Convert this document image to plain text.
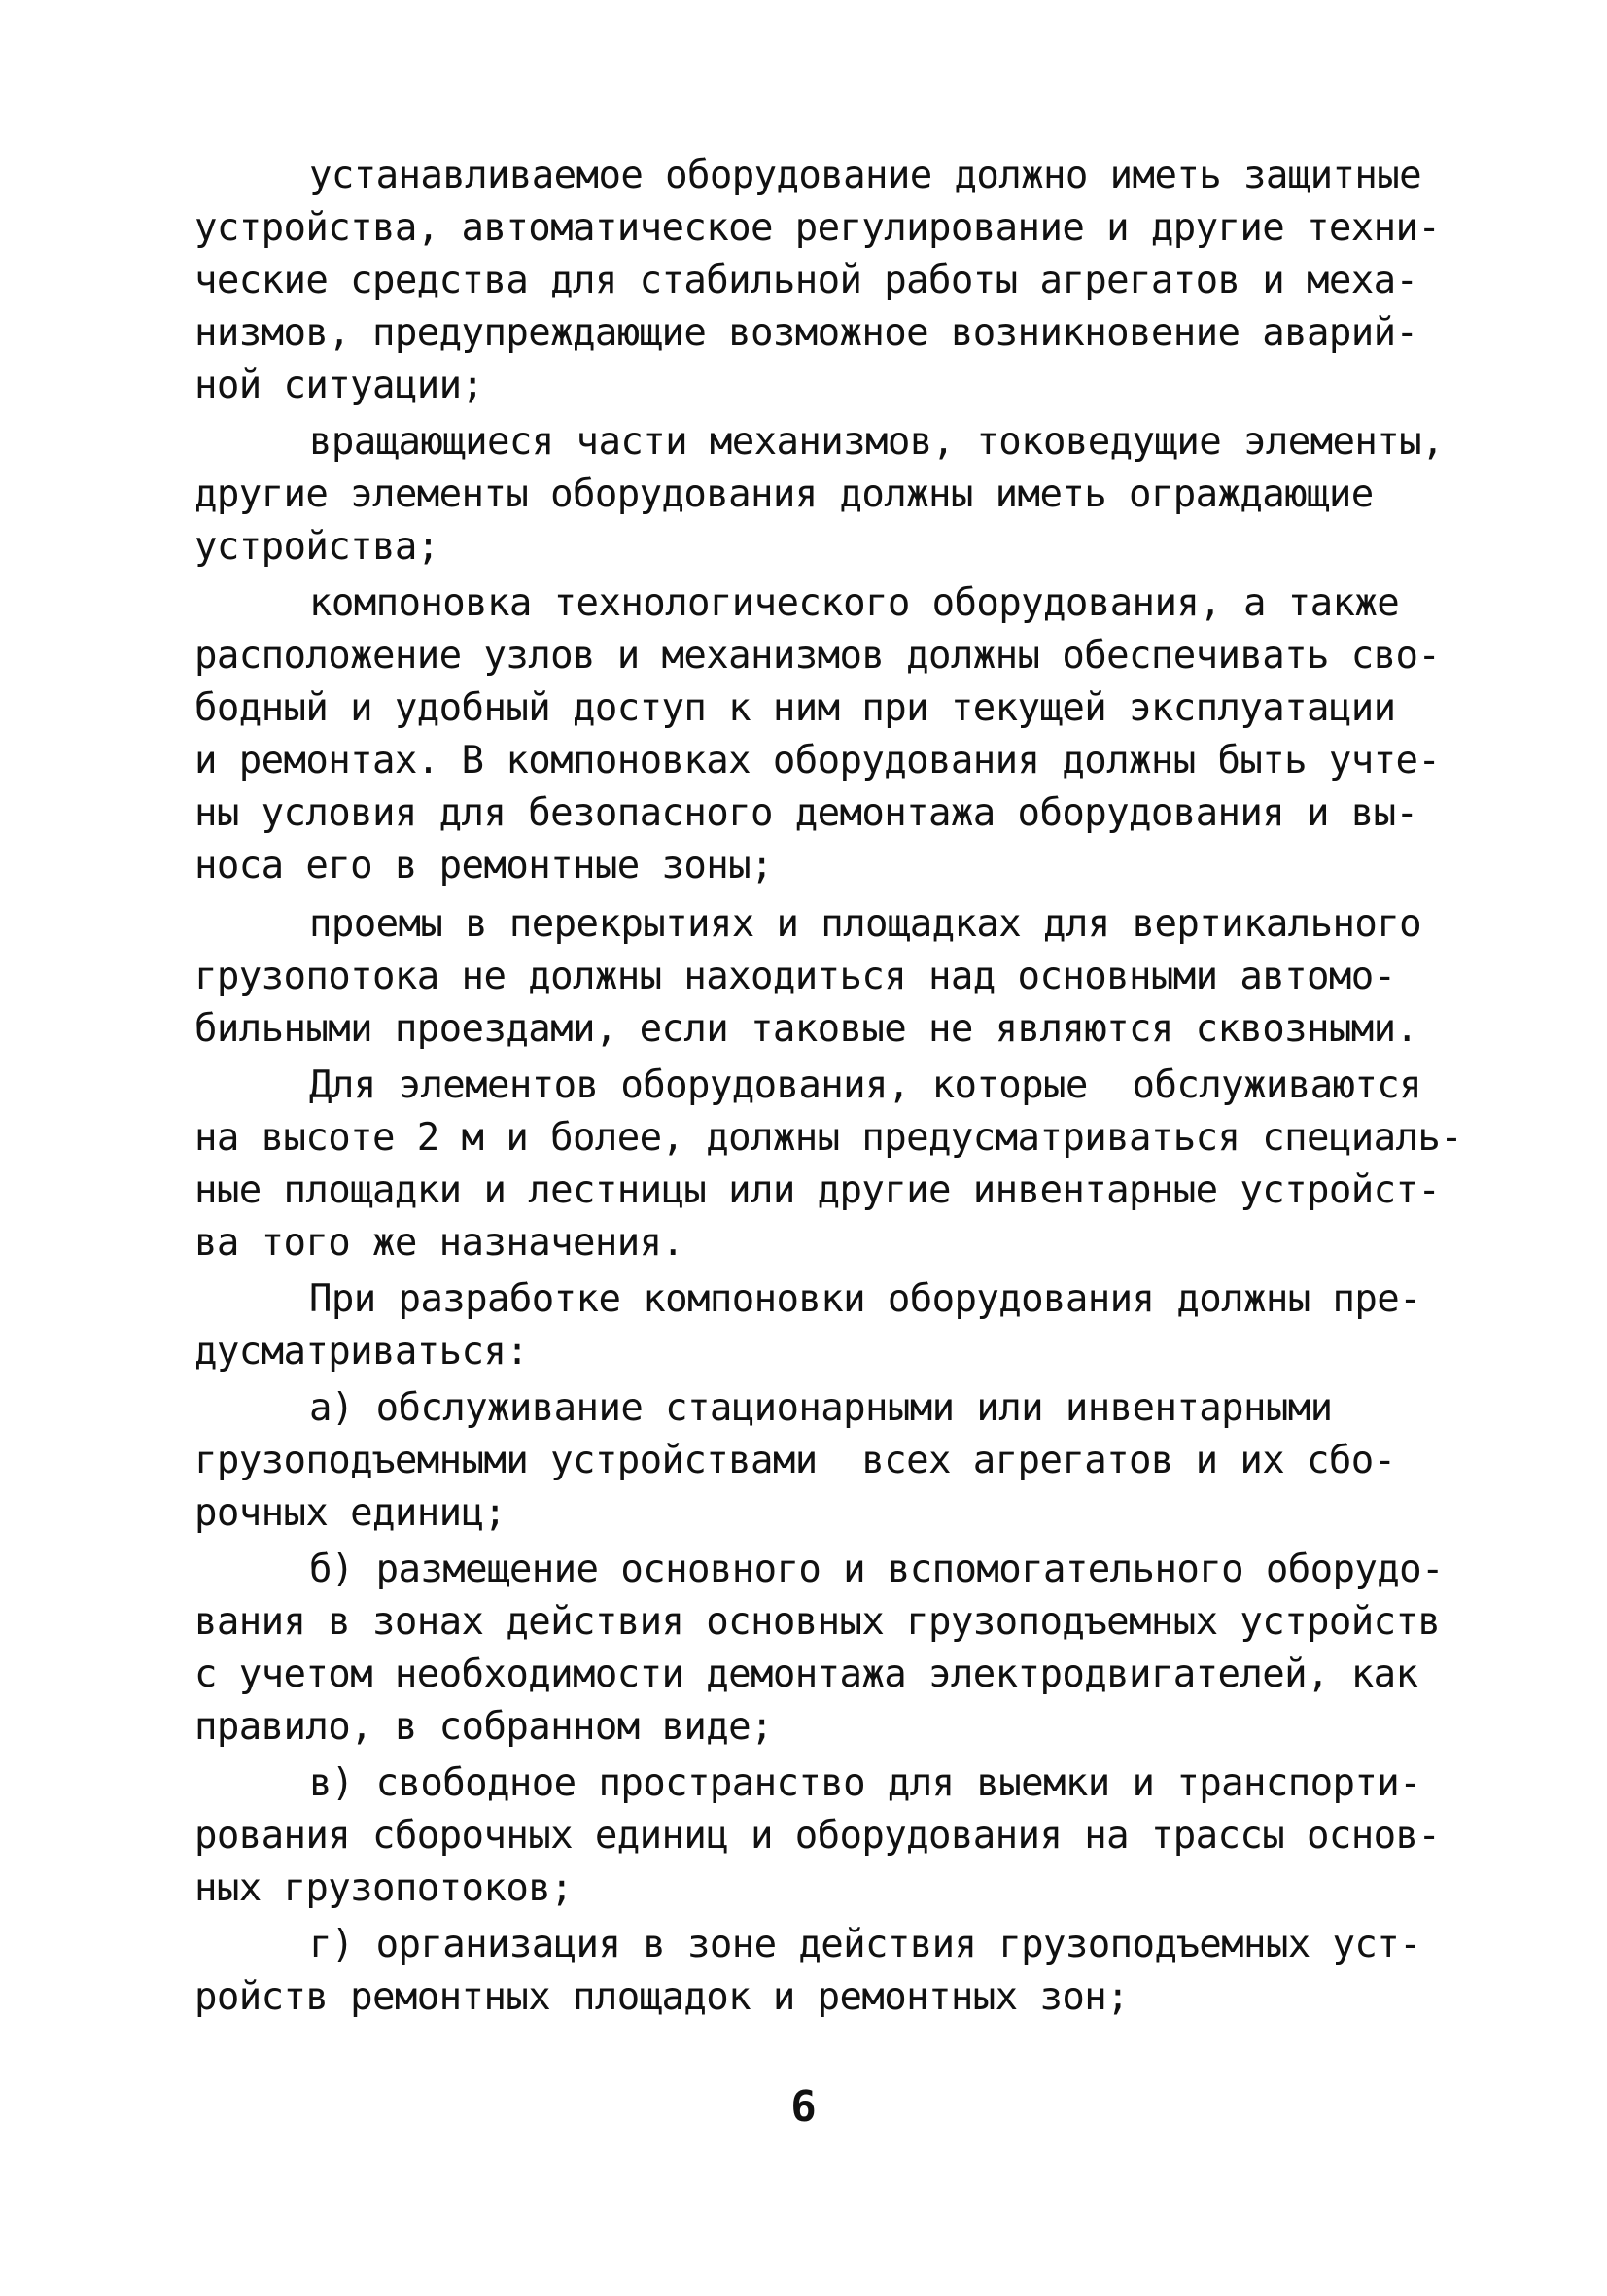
устанавливаемое оборудование должно иметь защитные
устройства, автоматическое регулирование и другие техни-
ческие средства для стабильной работы агрегатов и меха-
низмов, предупреждающие возможное возникновение аварий-
ной ситуации;
вращающиеся части механизмов, токоведущие элементы,
другие элементы оборудования должны иметь ограждающие
устройства;
компоновка технологического оборудования, а также
расположение узлов и механизмов должны обеспечивать сво-
бодный и удобный доступ к ним при текущей эксплуатации
и ремонтах. В компоновках оборудования должны быть учте-
ны условия для безопасного демонтажа оборудования и вы-
носа его в ремонтные зоны;
проемы в перекрытиях и площадках для вертикального
грузопотока не должны находиться над основными автомо-
бильными проездами, если таковые не являются сквозными.
Для элементов оборудования, которые  обслуживаются
на высоте 2 м и более, должны предусматриваться специаль-
ные площадки и лестницы или другие инвентарные устройст-
ва того же назначения.
При разработке компоновки оборудования должны пре-
дусматриваться:
а) обслуживание стационарными или инвентарными
грузоподъемными устройствами  всех агрегатов и их сбо-
рочных единиц;
б) размещение основного и вспомогательного оборудо-
вания в зонах действия основных грузоподъемных устройств
с учетом необходимости демонтажа электродвигателей, как
правило, в собранном виде;
в) свободное пространство для выемки и транспорти-
рования сборочных единиц и оборудования на трассы основ-
ных грузопотоков;
г) организация в зоне действия грузоподъемных уст-
ройств ремонтных площадок и ремонтных зон;
6
